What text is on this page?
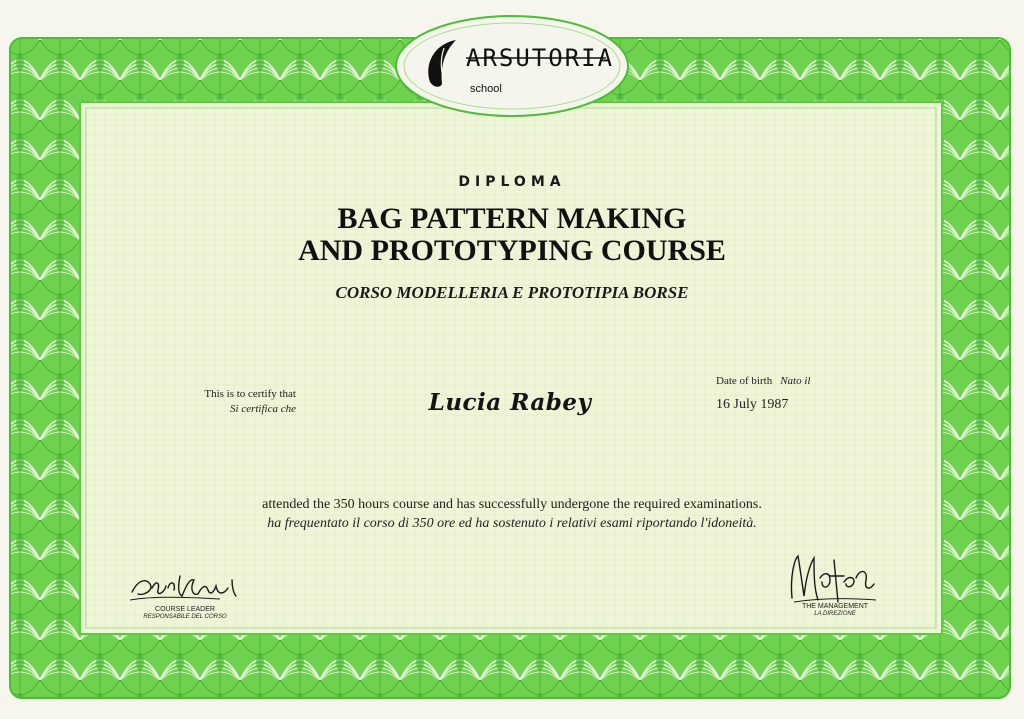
ARSUTORIA
school
DIPLOMA
BAG PATTERN MAKING
AND PROTOTYPING COURSE
CORSO MODELLERIA E PROTOTIPIA BORSE
This is to certify that
Si certifica che	Lucia Rabey
Date of birth Nato il
16 July 1987
attended the 350 hours course and has successfully undergone the required examinations.
ha frequentato il corso di 350 ore ed ha sostenuto i relativi esami riportando l'idoneità.
COURSE LEADER
RESPONSABILE DEL CORSO
THE MANAGEMENT
LA DIREZIONE
